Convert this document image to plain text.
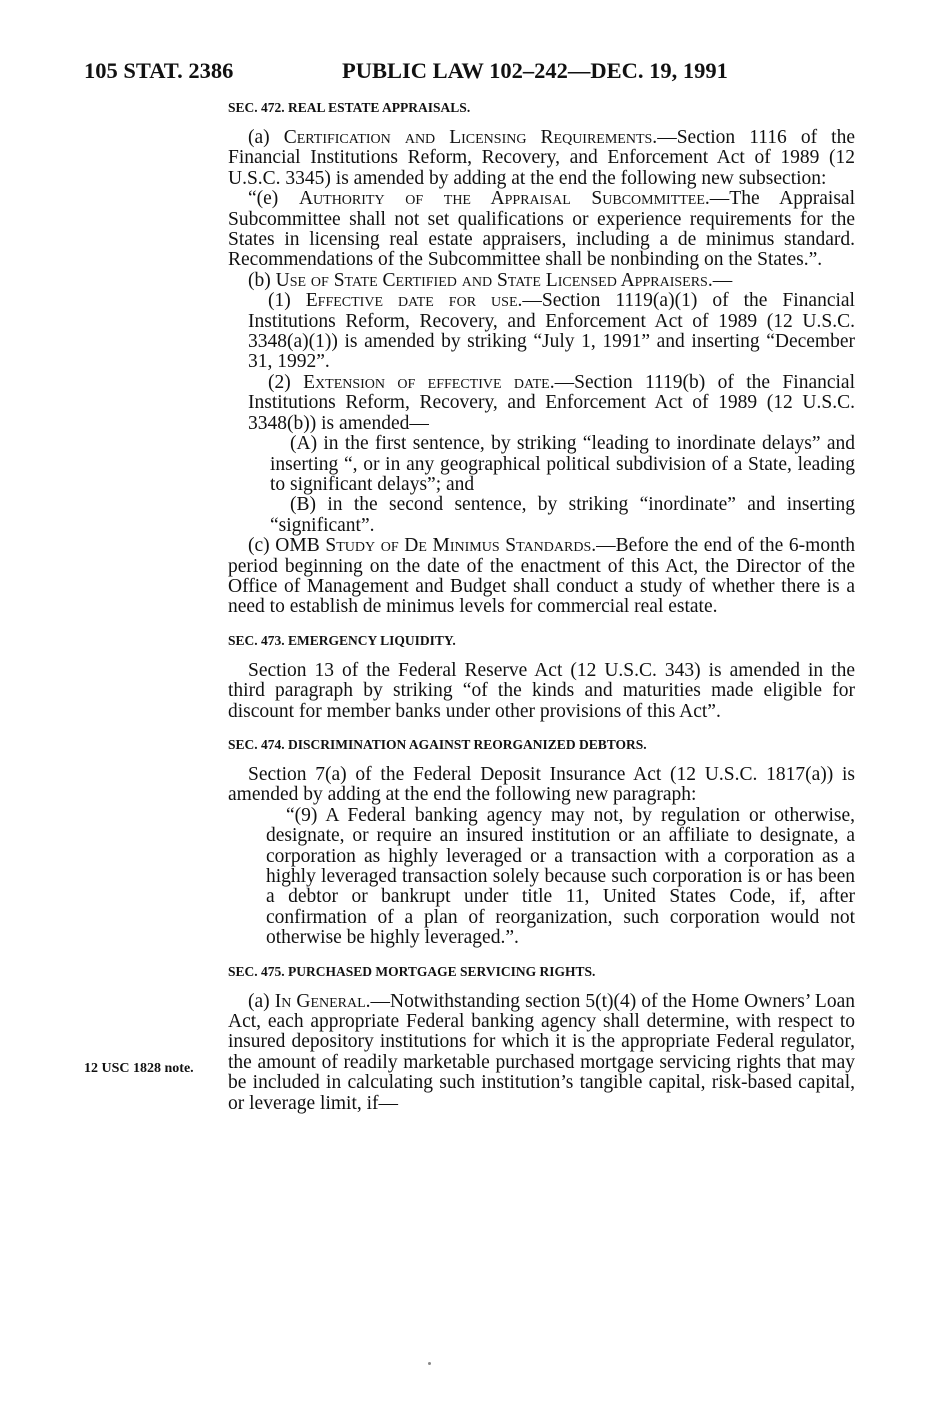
105 STAT. 2386	PUBLIC LAW 102–242—DEC. 19, 1991
12 USC 1828 note.

SEC. 472. REAL ESTATE APPRAISALS.

(a) Certification and Licensing Requirements.—Section 1116 of the Financial Institutions Reform, Recovery, and Enforcement Act of 1989 (12 U.S.C. 3345) is amended by adding at the end the following new subsection:

“(e) Authority of the Appraisal Subcommittee.—The Appraisal Subcommittee shall not set qualifications or experience requirements for the States in licensing real estate appraisers, including a de minimus standard. Recommendations of the Subcommittee shall be nonbinding on the States.”.

(b) Use of State Certified and State Licensed Appraisers.—

(1) Effective date for use.—Section 1119(a)(1) of the Financial Institutions Reform, Recovery, and Enforcement Act of 1989 (12 U.S.C. 3348(a)(1)) is amended by striking “July 1, 1991” and inserting “December 31, 1992”.

(2) Extension of effective date.—Section 1119(b) of the Financial Institutions Reform, Recovery, and Enforcement Act of 1989 (12 U.S.C. 3348(b)) is amended—

(A) in the first sentence, by striking “leading to inordinate delays” and inserting “, or in any geographical political subdivision of a State, leading to significant delays”; and

(B) in the second sentence, by striking “inordinate” and inserting “significant”.

(c) OMB Study of De Minimus Standards.—Before the end of the 6-month period beginning on the date of the enactment of this Act, the Director of the Office of Management and Budget shall conduct a study of whether there is a need to establish de minimus levels for commercial real estate.

SEC. 473. EMERGENCY LIQUIDITY.

Section 13 of the Federal Reserve Act (12 U.S.C. 343) is amended in the third paragraph by striking “of the kinds and maturities made eligible for discount for member banks under other provisions of this Act”.

SEC. 474. DISCRIMINATION AGAINST REORGANIZED DEBTORS.

Section 7(a) of the Federal Deposit Insurance Act (12 U.S.C. 1817(a)) is amended by adding at the end the following new paragraph:

“(9) A Federal banking agency may not, by regulation or otherwise, designate, or require an insured institution or an affiliate to designate, a corporation as highly leveraged or a transaction with a corporation as a highly leveraged transaction solely because such corporation is or has been a debtor or bankrupt under title 11, United States Code, if, after confirmation of a plan of reorganization, such corporation would not otherwise be highly leveraged.”.

SEC. 475. PURCHASED MORTGAGE SERVICING RIGHTS.

(a) In General.—Notwithstanding section 5(t)(4) of the Home Owners’ Loan Act, each appropriate Federal banking agency shall determine, with respect to insured depository institutions for which it is the appropriate Federal regulator, the amount of readily marketable purchased mortgage servicing rights that may be included in calculating such institution’s tangible capital, risk-based capital, or leverage limit, if—
